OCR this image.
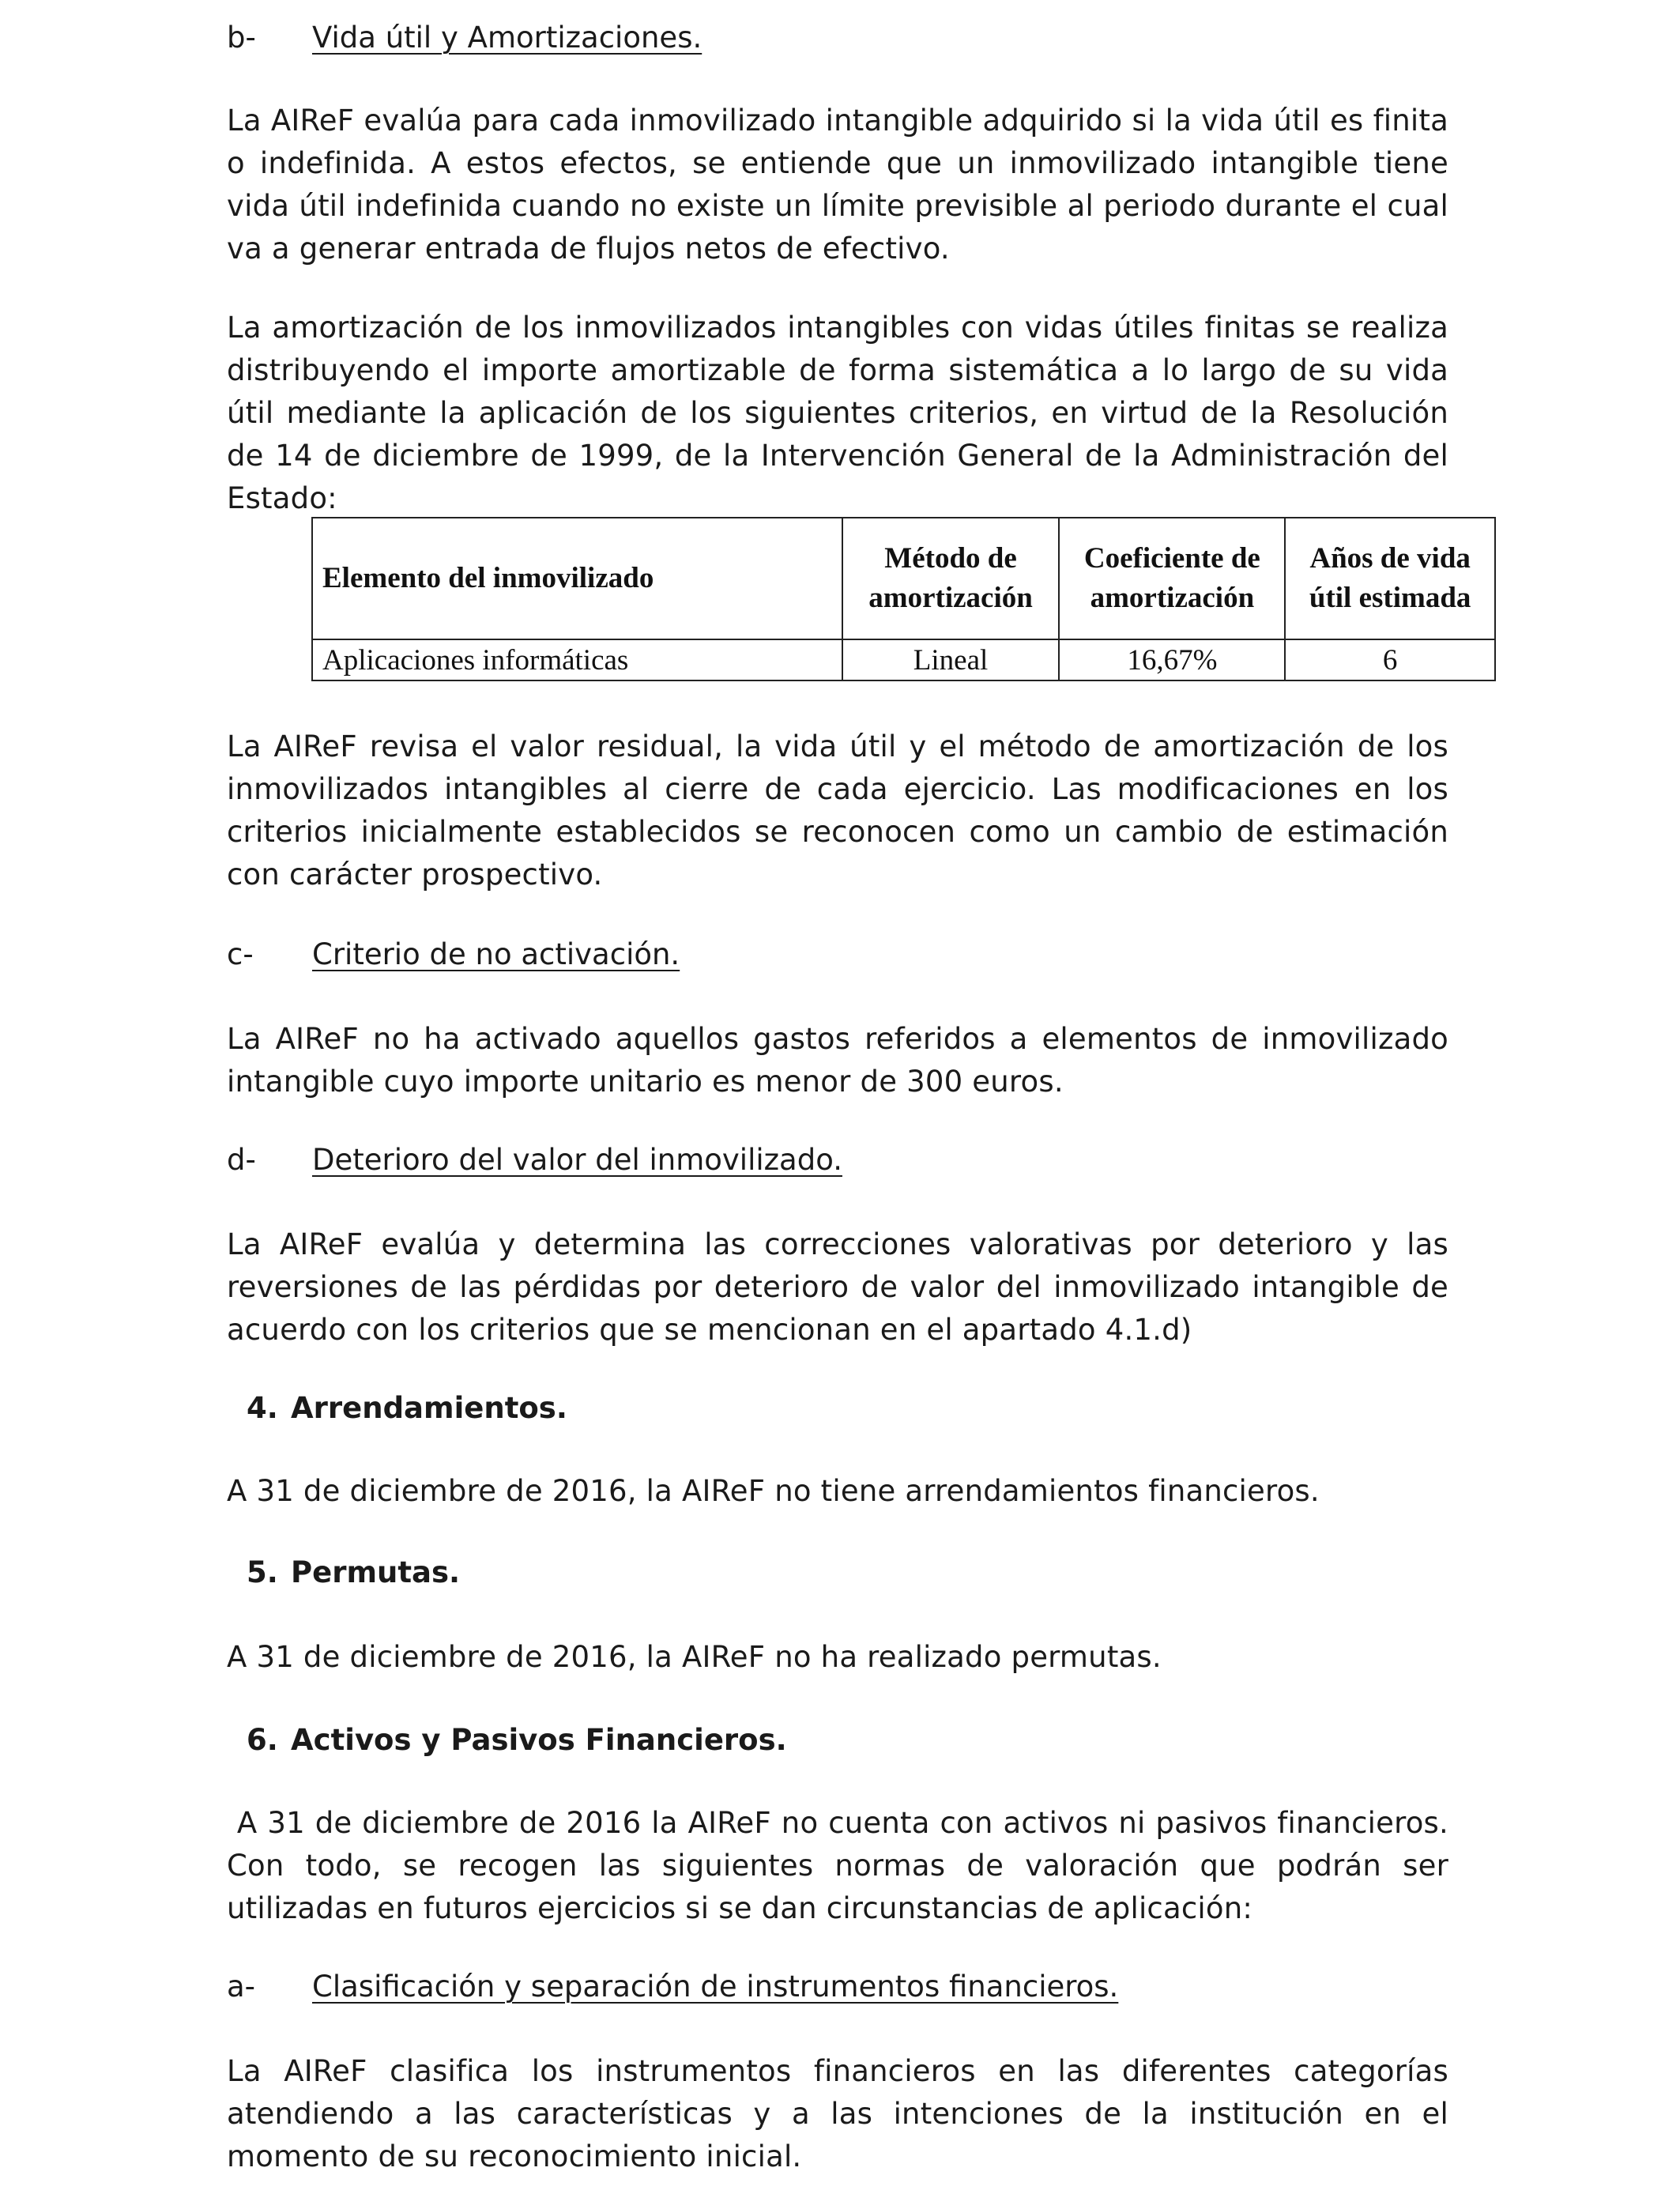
b- Vida útil y Amortizaciones.
La AIReF evalúa para cada inmovilizado intangible adquirido si la vida útil es finita o indefinida. A estos efectos, se entiende que un inmovilizado intangible tiene vida útil indefinida cuando no existe un límite previsible al periodo durante el cual va a generar entrada de flujos netos de efectivo.
La amortización de los inmovilizados intangibles con vidas útiles finitas se realiza distribuyendo el importe amortizable de forma sistemática a lo largo de su vida útil mediante la aplicación de los siguientes criterios, en virtud de la Resolución de 14 de diciembre de 1999, de la Intervención General de la Administración del Estado:
Elemento del inmovilizado	Método de amortización	Coeficiente de amortización	Años de vida útil estimada
Aplicaciones informáticas	Lineal	16,67%	6
La AIReF revisa el valor residual, la vida útil y el método de amortización de los inmovilizados intangibles al cierre de cada ejercicio. Las modificaciones en los criterios inicialmente establecidos se reconocen como un cambio de estimación con carácter prospectivo.
c- Criterio de no activación.
La AIReF no ha activado aquellos gastos referidos a elementos de inmovilizado intangible cuyo importe unitario es menor de 300 euros.
d- Deterioro del valor del inmovilizado.
La AIReF evalúa y determina las correcciones valorativas por deterioro y las reversiones de las pérdidas por deterioro de valor del inmovilizado intangible de acuerdo con los criterios que se mencionan en el apartado 4.1.d)
4. Arrendamientos.
A 31 de diciembre de 2016, la AIReF no tiene arrendamientos financieros.
5. Permutas.
A 31 de diciembre de 2016, la AIReF no ha realizado permutas.
6. Activos y Pasivos Financieros.
A 31 de diciembre de 2016 la AIReF no cuenta con activos ni pasivos financieros. Con todo, se recogen las siguientes normas de valoración que podrán ser utilizadas en futuros ejercicios si se dan circunstancias de aplicación:
a- Clasificación y separación de instrumentos financieros.
La AIReF clasifica los instrumentos financieros en las diferentes categorías atendiendo a las características y a las intenciones de la institución en el momento de su reconocimiento inicial.
